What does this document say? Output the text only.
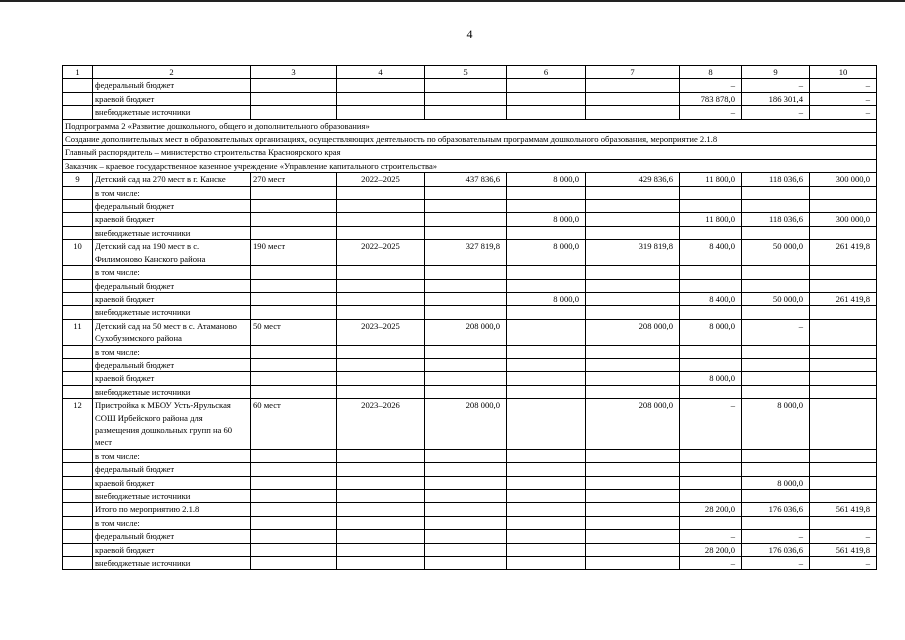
4
1	2	3	4	5	6	7	8	9	10
	федеральный бюджет						–	–	–
	краевой бюджет						783 878,0	186 301,4	–
	внебюджетные источники						–	–	–
Подпрограмма 2 «Развитие дошкольного, общего и дополнительного образования»									
Создание дополнительных мест в образовательных организациях, осуществляющих деятельность по образовательным программам дошкольного образования, мероприятие 2.1.8									
Главный распорядитель – министерство строительства Красноярского края									
Заказчик – краевое государственное казенное учреждение «Управление капитального строительства»									
9	Детский сад на 270 мест в г. Канске	270 мест	2022–2025	437 836,6	8 000,0	429 836,6	11 800,0	118 036,6	300 000,0
	в том числе:								
	федеральный бюджет								
	краевой бюджет				8 000,0		11 800,0	118 036,6	300 000,0
	внебюджетные источники								
10	Детский сад на 190 мест в с. Филимоново Канского района	190 мест	2022–2025	327 819,8	8 000,0	319 819,8	8 400,0	50 000,0	261 419,8
	в том числе:								
	федеральный бюджет								
	краевой бюджет				8 000,0		8 400,0	50 000,0	261 419,8
	внебюджетные источники								
11	Детский сад на 50 мест в с. Атаманово Сухобузимского района	50 мест	2023–2025	208 000,0		208 000,0	8 000,0	–	
	в том числе:								
	федеральный бюджет								
	краевой бюджет						8 000,0		
	внебюджетные источники								
12	Пристройка к МБОУ Усть-Ярульская СОШ Ирбейского района для размещения дошкольных групп на 60 мест	60 мест	2023–2026	208 000,0		208 000,0	–	8 000,0	
	в том числе:								
	федеральный бюджет								
	краевой бюджет							8 000,0	
	внебюджетные источники								
	Итого по мероприятию 2.1.8						28 200,0	176 036,6	561 419,8
	в том числе:								
	федеральный бюджет						–	–	–
	краевой бюджет						28 200,0	176 036,6	561 419,8
	внебюджетные источники						–	–	–
